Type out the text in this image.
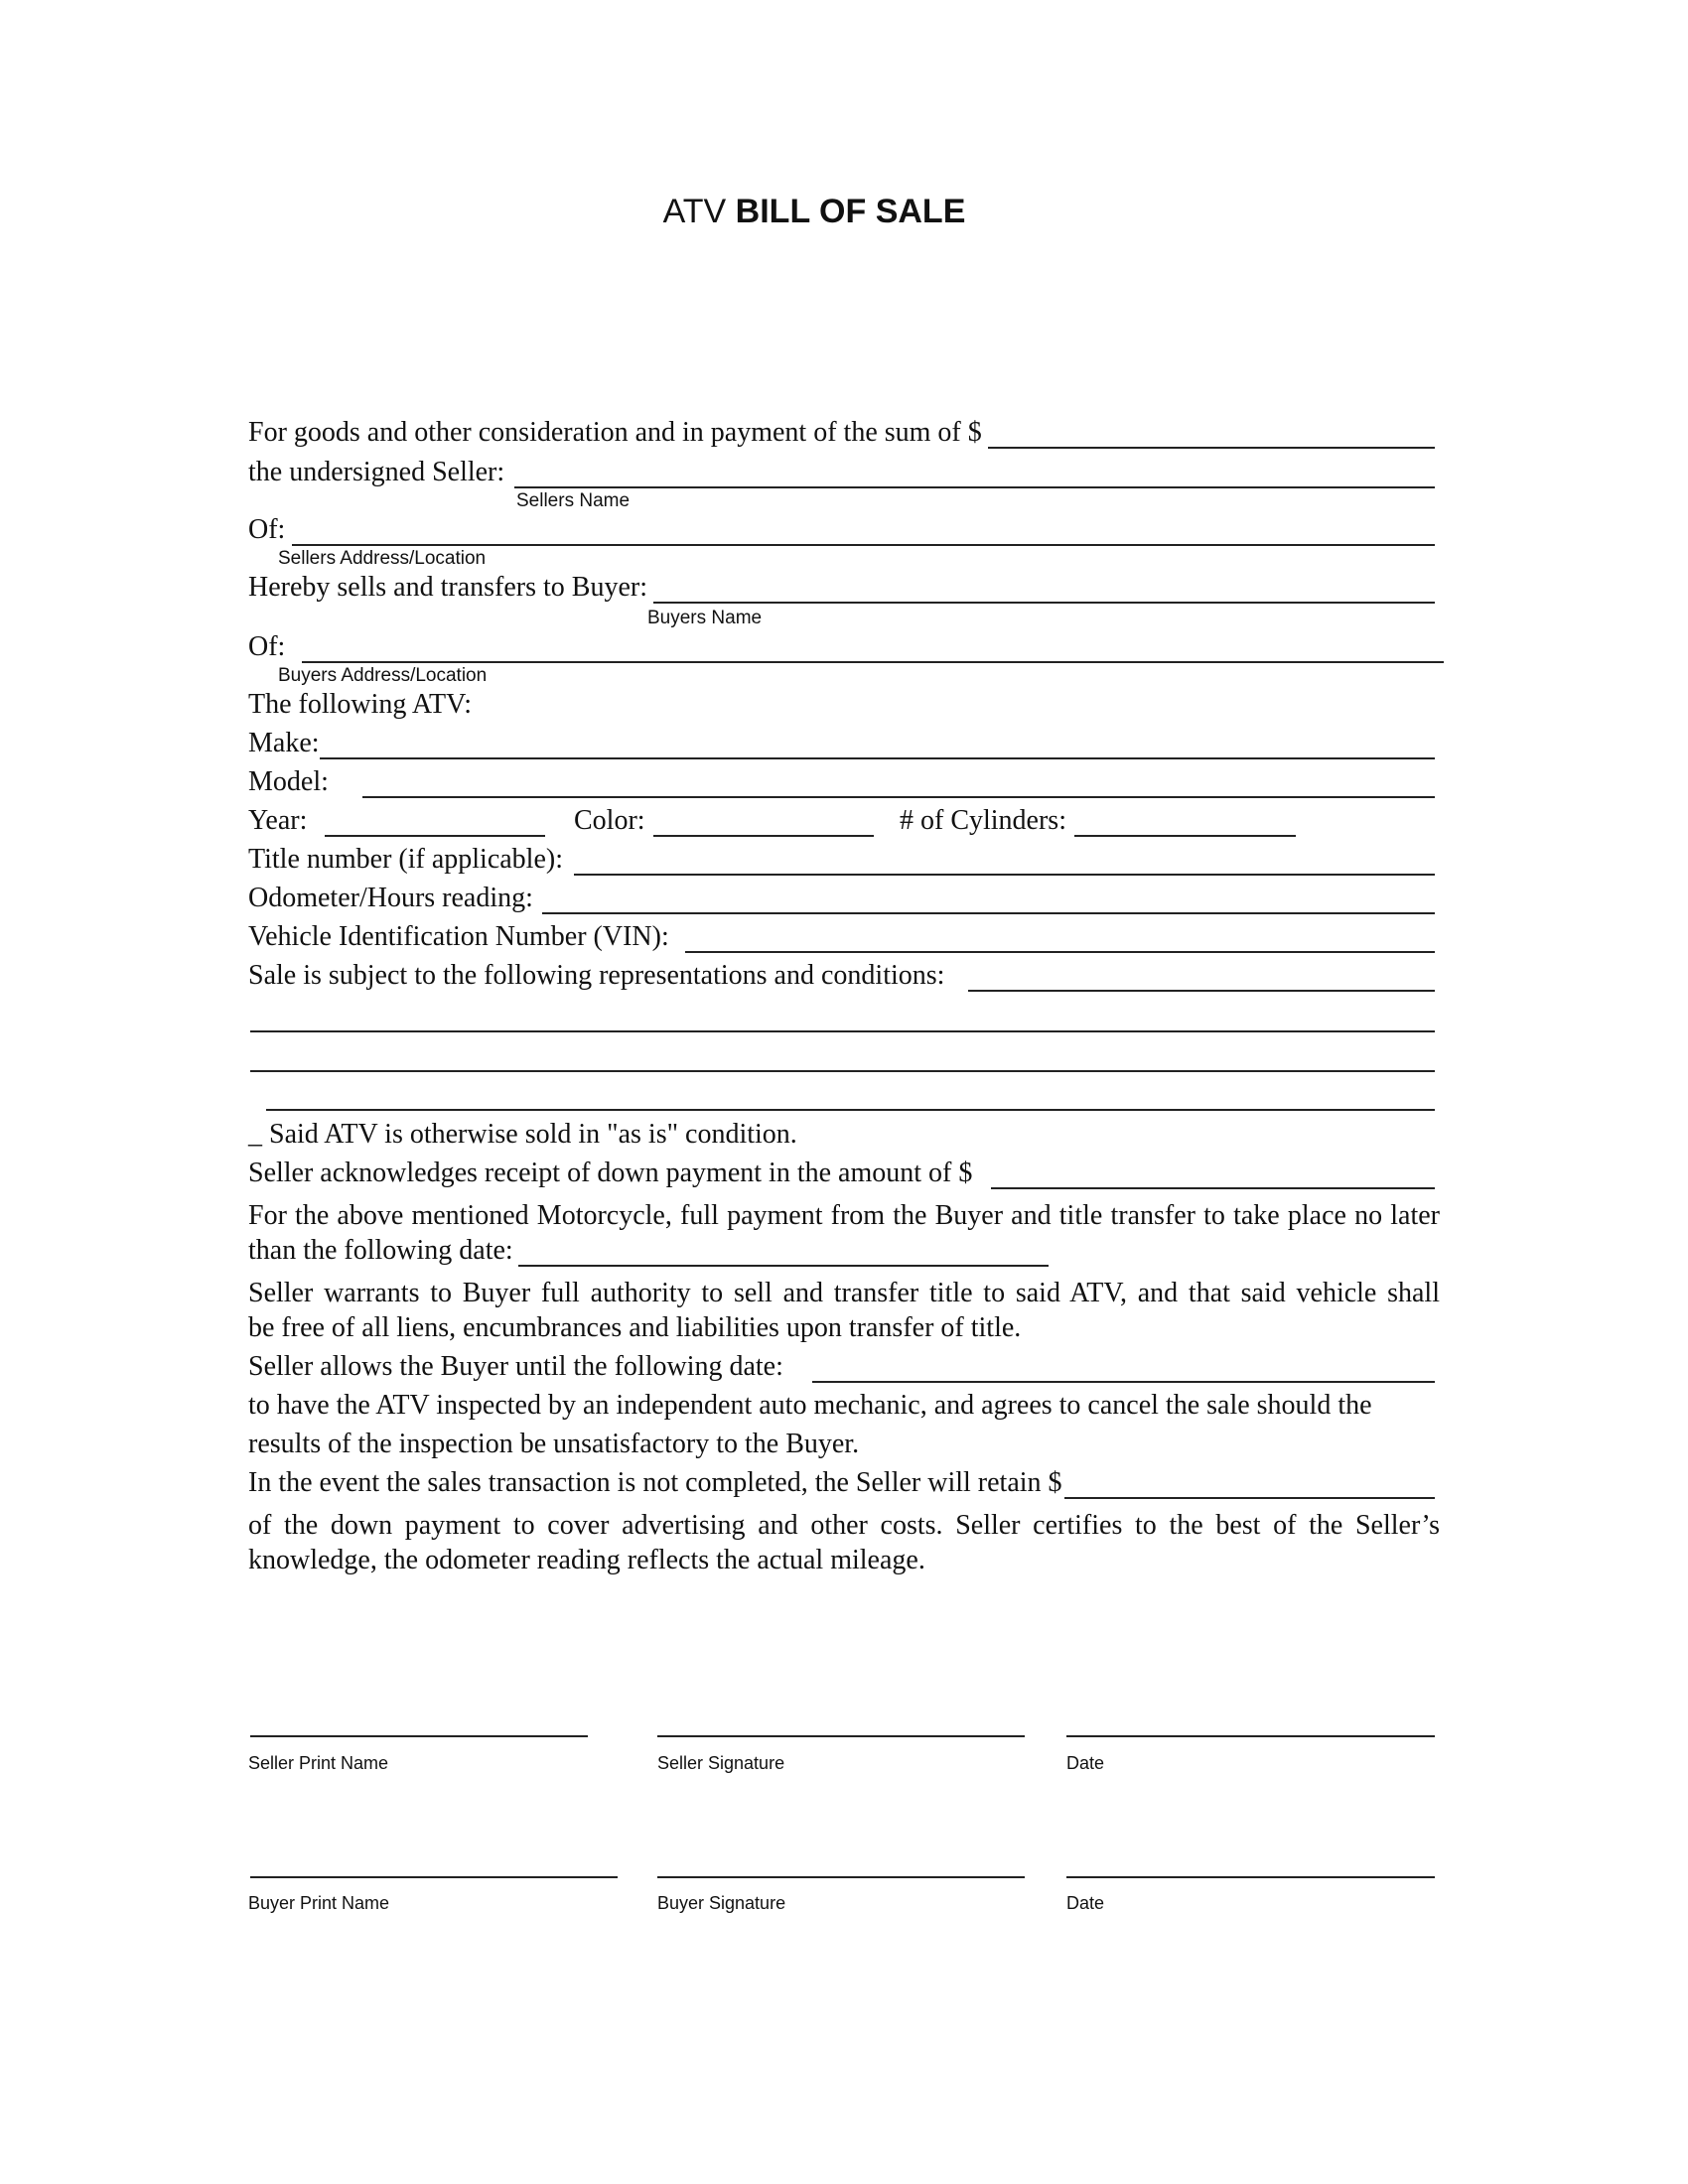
ATV BILL OF SALE
For goods and other consideration and in payment of the sum of $
the undersigned Seller:
Sellers Name
Of:
Sellers Address/Location
Hereby sells and transfers to Buyer:
Buyers Name
Of:
Buyers Address/Location
The following ATV:
Make:
Model:
Year:	Color:	# of Cylinders:
Title number (if applicable):
Odometer/Hours reading:
Vehicle Identification Number (VIN):
Sale is subject to the following representations and conditions:
_ Said ATV is otherwise sold in "as is" condition.
Seller acknowledges receipt of down payment in the amount of $
For the above mentioned Motorcycle, full payment from the Buyer and title transfer to take place no later
than the following date:
Seller warrants to Buyer full authority to sell and transfer title to said ATV, and that said vehicle shall
be free of all liens, encumbrances and liabilities upon transfer of title.
Seller allows the Buyer until the following date:
to have the ATV inspected by an independent auto mechanic, and agrees to cancel the sale should the
results of the inspection be unsatisfactory to the Buyer.
In the event the sales transaction is not completed, the Seller will retain $
of the down payment to cover advertising and other costs. Seller certifies to the best of the Seller’s
knowledge, the odometer reading reflects the actual mileage.
Seller Print Name	Seller Signature	Date
Buyer Print Name	Buyer Signature	Date
